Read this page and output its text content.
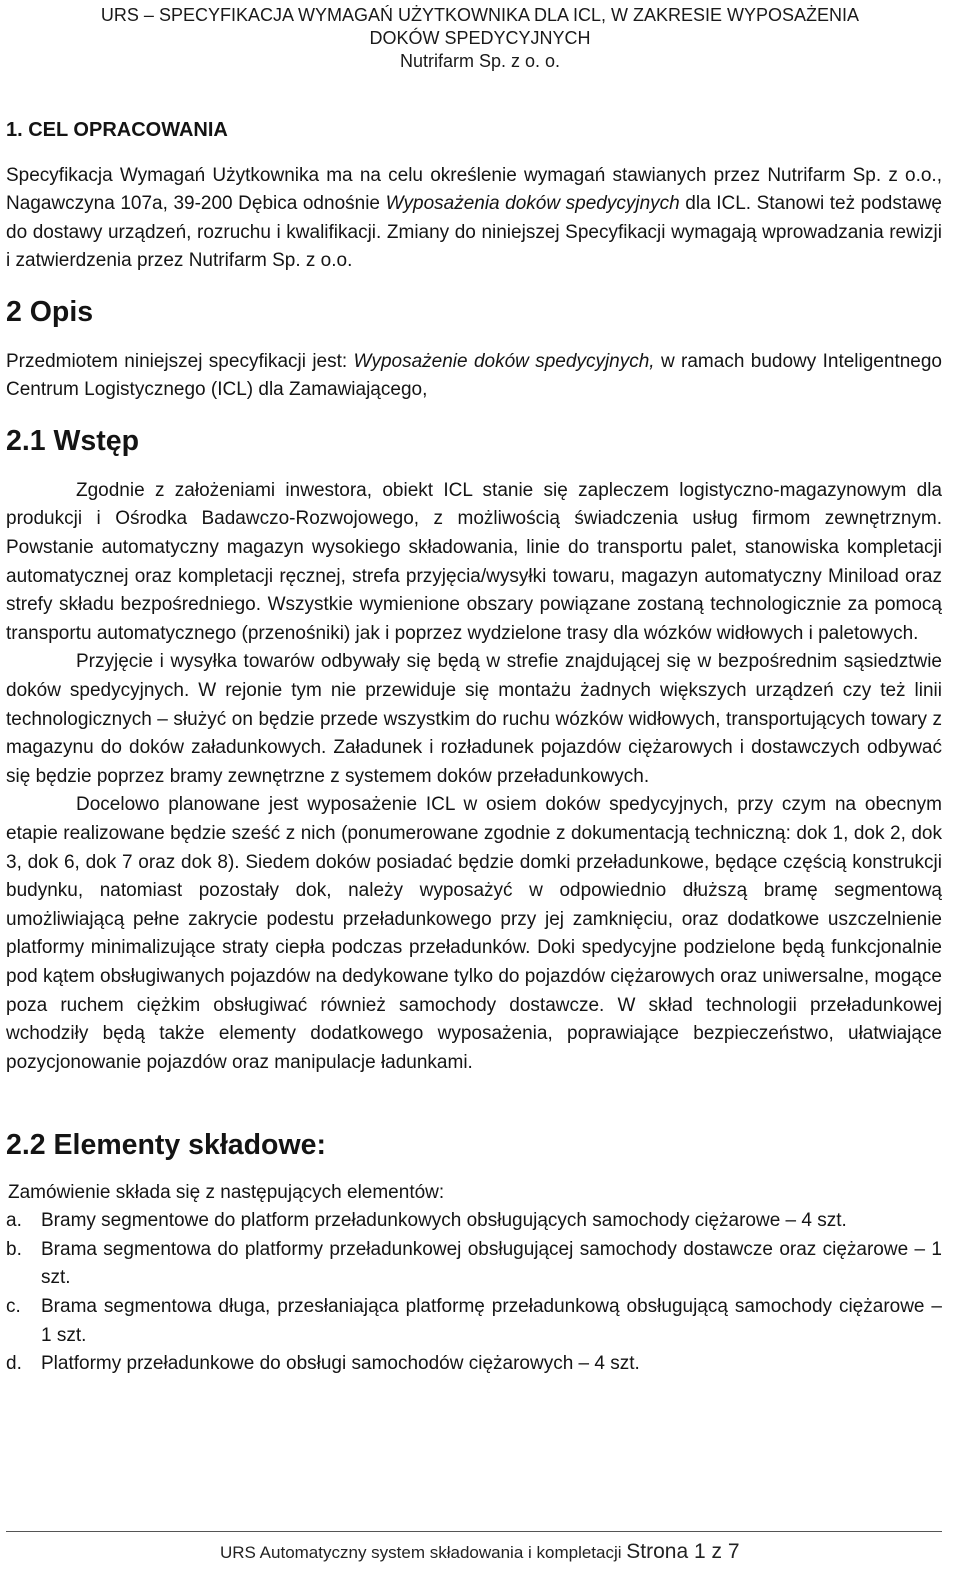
URS – SPECYFIKACJA WYMAGAŃ UŻYTKOWNIKA DLA ICL, W ZAKRESIE WYPOSAŻENIA
DOKÓW SPEDYCYJNYCH
Nutrifarm Sp. z o. o.
1. CEL OPRACOWANIA

Specyfikacja Wymagań Użytkownika ma na celu określenie wymagań stawianych przez Nutrifarm Sp. z o.o., Nagawczyna 107a, 39-200 Dębica odnośnie Wyposażenia doków spedycyjnych dla ICL. Stanowi też podstawę do dostawy urządzeń, rozruchu i kwalifikacji. Zmiany do niniejszej Specyfikacji wymagają wprowadzania rewizji i zatwierdzenia przez Nutrifarm Sp. z o.o.

2 Opis

Przedmiotem niniejszej specyfikacji jest: Wyposażenie doków spedycyjnych, w ramach budowy Inteligentnego Centrum Logistycznego (ICL) dla Zamawiającego,

2.1 Wstęp

Zgodnie z założeniami inwestora, obiekt ICL stanie się zapleczem logistyczno-magazynowym dla produkcji i Ośrodka Badawczo-Rozwojowego, z możliwością świadczenia usług firmom zewnętrznym. Powstanie automatyczny magazyn wysokiego składowania, linie do transportu palet, stanowiska kompletacji automatycznej oraz kompletacji ręcznej, strefa przyjęcia/wysyłki towaru, magazyn automatyczny Miniload oraz strefy składu bezpośredniego. Wszystkie wymienione obszary powiązane zostaną technologicznie za pomocą transportu automatycznego (przenośniki) jak i poprzez wydzielone trasy dla wózków widłowych i paletowych.

Przyjęcie i wysyłka towarów odbywały się będą w strefie znajdującej się w bezpośrednim sąsiedztwie doków spedycyjnych. W rejonie tym nie przewiduje się montażu żadnych większych urządzeń czy też linii technologicznych – służyć on będzie przede wszystkim do ruchu wózków widłowych, transportujących towary z magazynu do doków załadunkowych. Załadunek i rozładunek pojazdów ciężarowych i dostawczych odbywać się będzie poprzez bramy zewnętrzne z systemem doków przeładunkowych.

Docelowo planowane jest wyposażenie ICL w osiem doków spedycyjnych, przy czym na obecnym etapie realizowane będzie sześć z nich (ponumerowane zgodnie z dokumentacją techniczną: dok 1, dok 2, dok 3, dok 6, dok 7 oraz dok 8). Siedem doków posiadać będzie domki przeładunkowe, będące częścią konstrukcji budynku, natomiast pozostały dok, należy wyposażyć w odpowiednio dłuższą bramę segmentową umożliwiającą pełne zakrycie podestu przeładunkowego przy jej zamknięciu, oraz dodatkowe uszczelnienie platformy minimalizujące straty ciepła podczas przeładunków. Doki spedycyjne podzielone będą funkcjonalnie pod kątem obsługiwanych pojazdów na dedykowane tylko do pojazdów ciężarowych oraz uniwersalne, mogące poza ruchem ciężkim obsługiwać również samochody dostawcze. W skład technologii przeładunkowej wchodziły będą także elementy dodatkowego wyposażenia, poprawiające bezpieczeństwo, ułatwiające pozycjonowanie pojazdów oraz manipulacje ładunkami.

2.2 Elementy składowe:
Zamówienie składa się z następujących elementów:
a. Bramy segmentowe do platform przeładunkowych obsługujących samochody ciężarowe – 4 szt.
b. Brama segmentowa do platformy przeładunkowej obsługującej samochody dostawcze oraz ciężarowe – 1 szt.
c. Brama segmentowa długa, przesłaniająca platformę przeładunkową obsługującą samochody ciężarowe – 1 szt.
d. Platformy przeładunkowe do obsługi samochodów ciężarowych – 4 szt.
URS Automatyczny system składowania i kompletacji Strona 1 z 7
